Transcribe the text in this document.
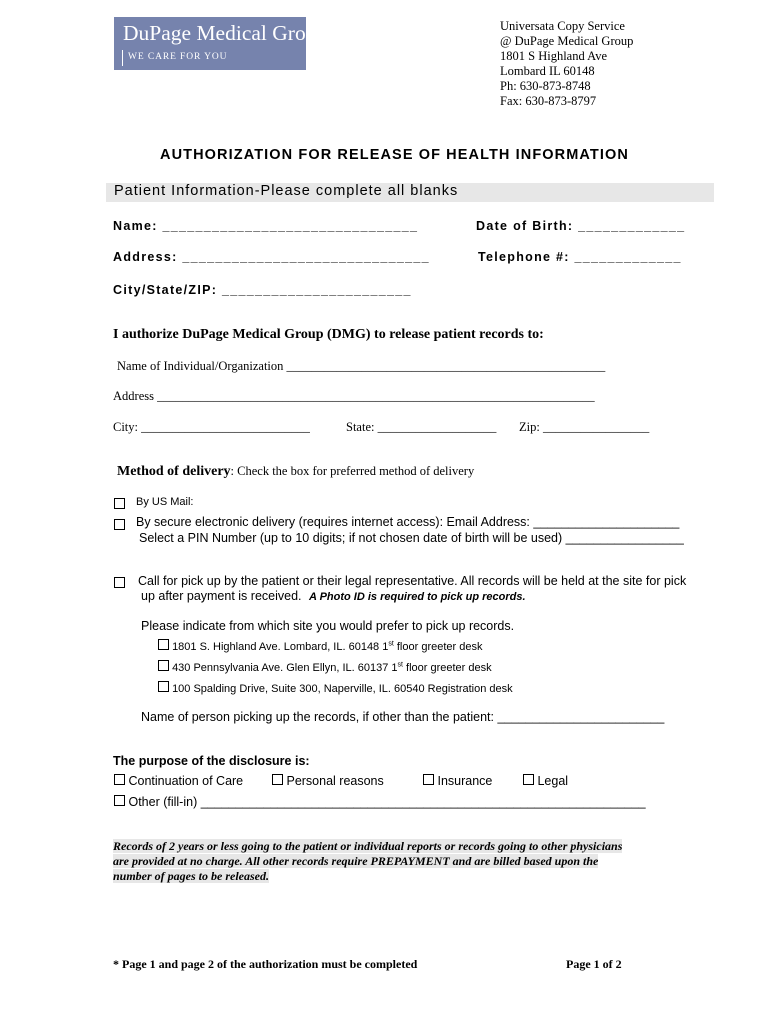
DuPage Medical Group
WE CARE FOR YOU
Universata Copy Service
@ DuPage Medical Group
1801 S Highland Ave
Lombard IL 60148
Ph: 630-873-8748
Fax: 630-873-8797
AUTHORIZATION FOR RELEASE OF HEALTH INFORMATION
Patient Information-Please complete all blanks
Name: _______________________________	Date of Birth: _____________
Address: ______________________________	Telephone #: _____________
City/State/ZIP: _______________________
I authorize DuPage Medical Group (DMG) to release patient records to:
Name of Individual/Organization ___________________________________________________
Address ______________________________________________________________________
City: ___________________________	State: ___________________ Zip: _________________
Method of delivery: Check the box for preferred method of delivery
By US Mail:
By secure electronic delivery (requires internet access): Email Address: _____________________
Select a PIN Number (up to 10 digits; if not chosen date of birth will be used) _________________
Call for pick up by the patient or their legal representative. All records will be held at the site for pick
up after payment is received. A Photo ID is required to pick up records.
Please indicate from which site you would prefer to pick up records.
1801 S. Highland Ave. Lombard, IL. 60148 1st floor greeter desk
430 Pennsylvania Ave. Glen Ellyn, IL. 60137 1st floor greeter desk
100 Spalding Drive, Suite 300, Naperville, IL. 60540 Registration desk
Name of person picking up the records, if other than the patient: ________________________
The purpose of the disclosure is:
Continuation of Care	Personal reasons	Insurance	Legal
Other (fill-in) ________________________________________________________________
Records of 2 years or less going to the patient or individual reports or records going to other physicians
are provided at no charge. All other records require PREPAYMENT and are billed based upon the
number of pages to be released.
* Page 1 and page 2 of the authorization must be completed	Page 1 of 2
